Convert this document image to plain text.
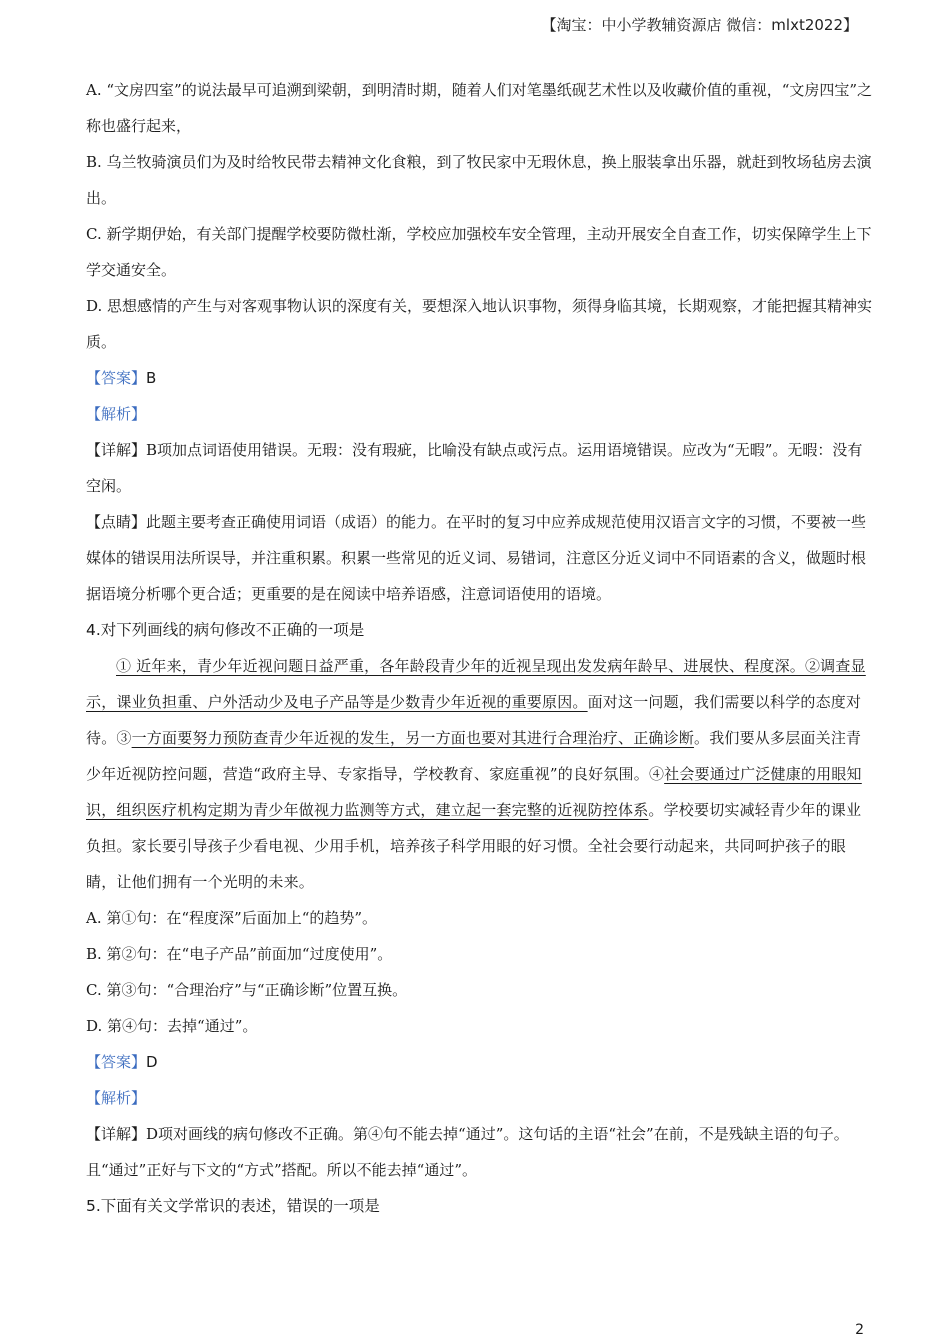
【淘宝：中小学教辅资源店 微信：mlxt2022】

A. “文房四室”的说法最早可追溯到梁朝，到明清时期，随着人们对笔墨纸砚艺术性以及收藏价值的重视，“文房四宝”之称也盛行起来，

B. 乌兰牧骑演员们为及时给牧民带去精神文化食粮，到了牧民家中无瑕休息，换上服装拿出乐器，就赶到牧场毡房去演出。

C. 新学期伊始，有关部门提醒学校要防微杜渐，学校应加强校车安全管理，主动开展安全自查工作，切实保障学生上下学交通安全。

D. 思想感情的产生与对客观事物认识的深度有关，要想深入地认识事物，须得身临其境，长期观察，才能把握其精神实质。

【答案】B

【解析】

【详解】B项加点词语使用错误。无瑕：没有瑕疵，比喻没有缺点或污点。运用语境错误。应改为“无暇”。无暇：没有空闲。

【点睛】此题主要考查正确使用词语（成语）的能力。在平时的复习中应养成规范使用汉语言文字的习惯，不要被一些媒体的错误用法所误导，并注重积累。积累一些常见的近义词、易错词，注意区分近义词中不同语素的含义，做题时根据语境分析哪个更合适；更重要的是在阅读中培养语感，注意词语使用的语境。

4.对下列画线的病句修改不正确的一项是

① 近年来，青少年近视问题日益严重，各年龄段青少年的近视呈现出发发病年龄早、进展快、程度深。②调查显示，课业负担重、户外活动少及电子产品等是少数青少年近视的重要原因。面对这一问题，我们需要以科学的态度对待。③一方面要努力预防查青少年近视的发生，另一方面也要对其进行合理治疗、正确诊断。我们要从多层面关注青少年近视防控问题，营造“政府主导、专家指导，学校教育、家庭重视”的良好氛围。④社会要通过广泛健康的用眼知识，组织医疗机构定期为青少年做视力监测等方式，建立起一套完整的近视防控体系。学校要切实减轻青少年的课业负担。家长要引导孩子少看电视、少用手机，培养孩子科学用眼的好习惯。全社会要行动起来，共同呵护孩子的眼睛，让他们拥有一个光明的未来。

A. 第①句：在“程度深”后面加上“的趋势”。

B. 第②句：在“电子产品”前面加“过度使用”。

C. 第③句：“合理治疗”与“正确诊断”位置互换。

D. 第④句：去掉“通过”。

【答案】D

【解析】

【详解】D项对画线的病句修改不正确。第④句不能去掉“通过”。这句话的主语“社会”在前，不是残缺主语的句子。且“通过”正好与下文的“方式”搭配。所以不能去掉“通过”。

5.下面有关文学常识的表述，错误的一项是

2
